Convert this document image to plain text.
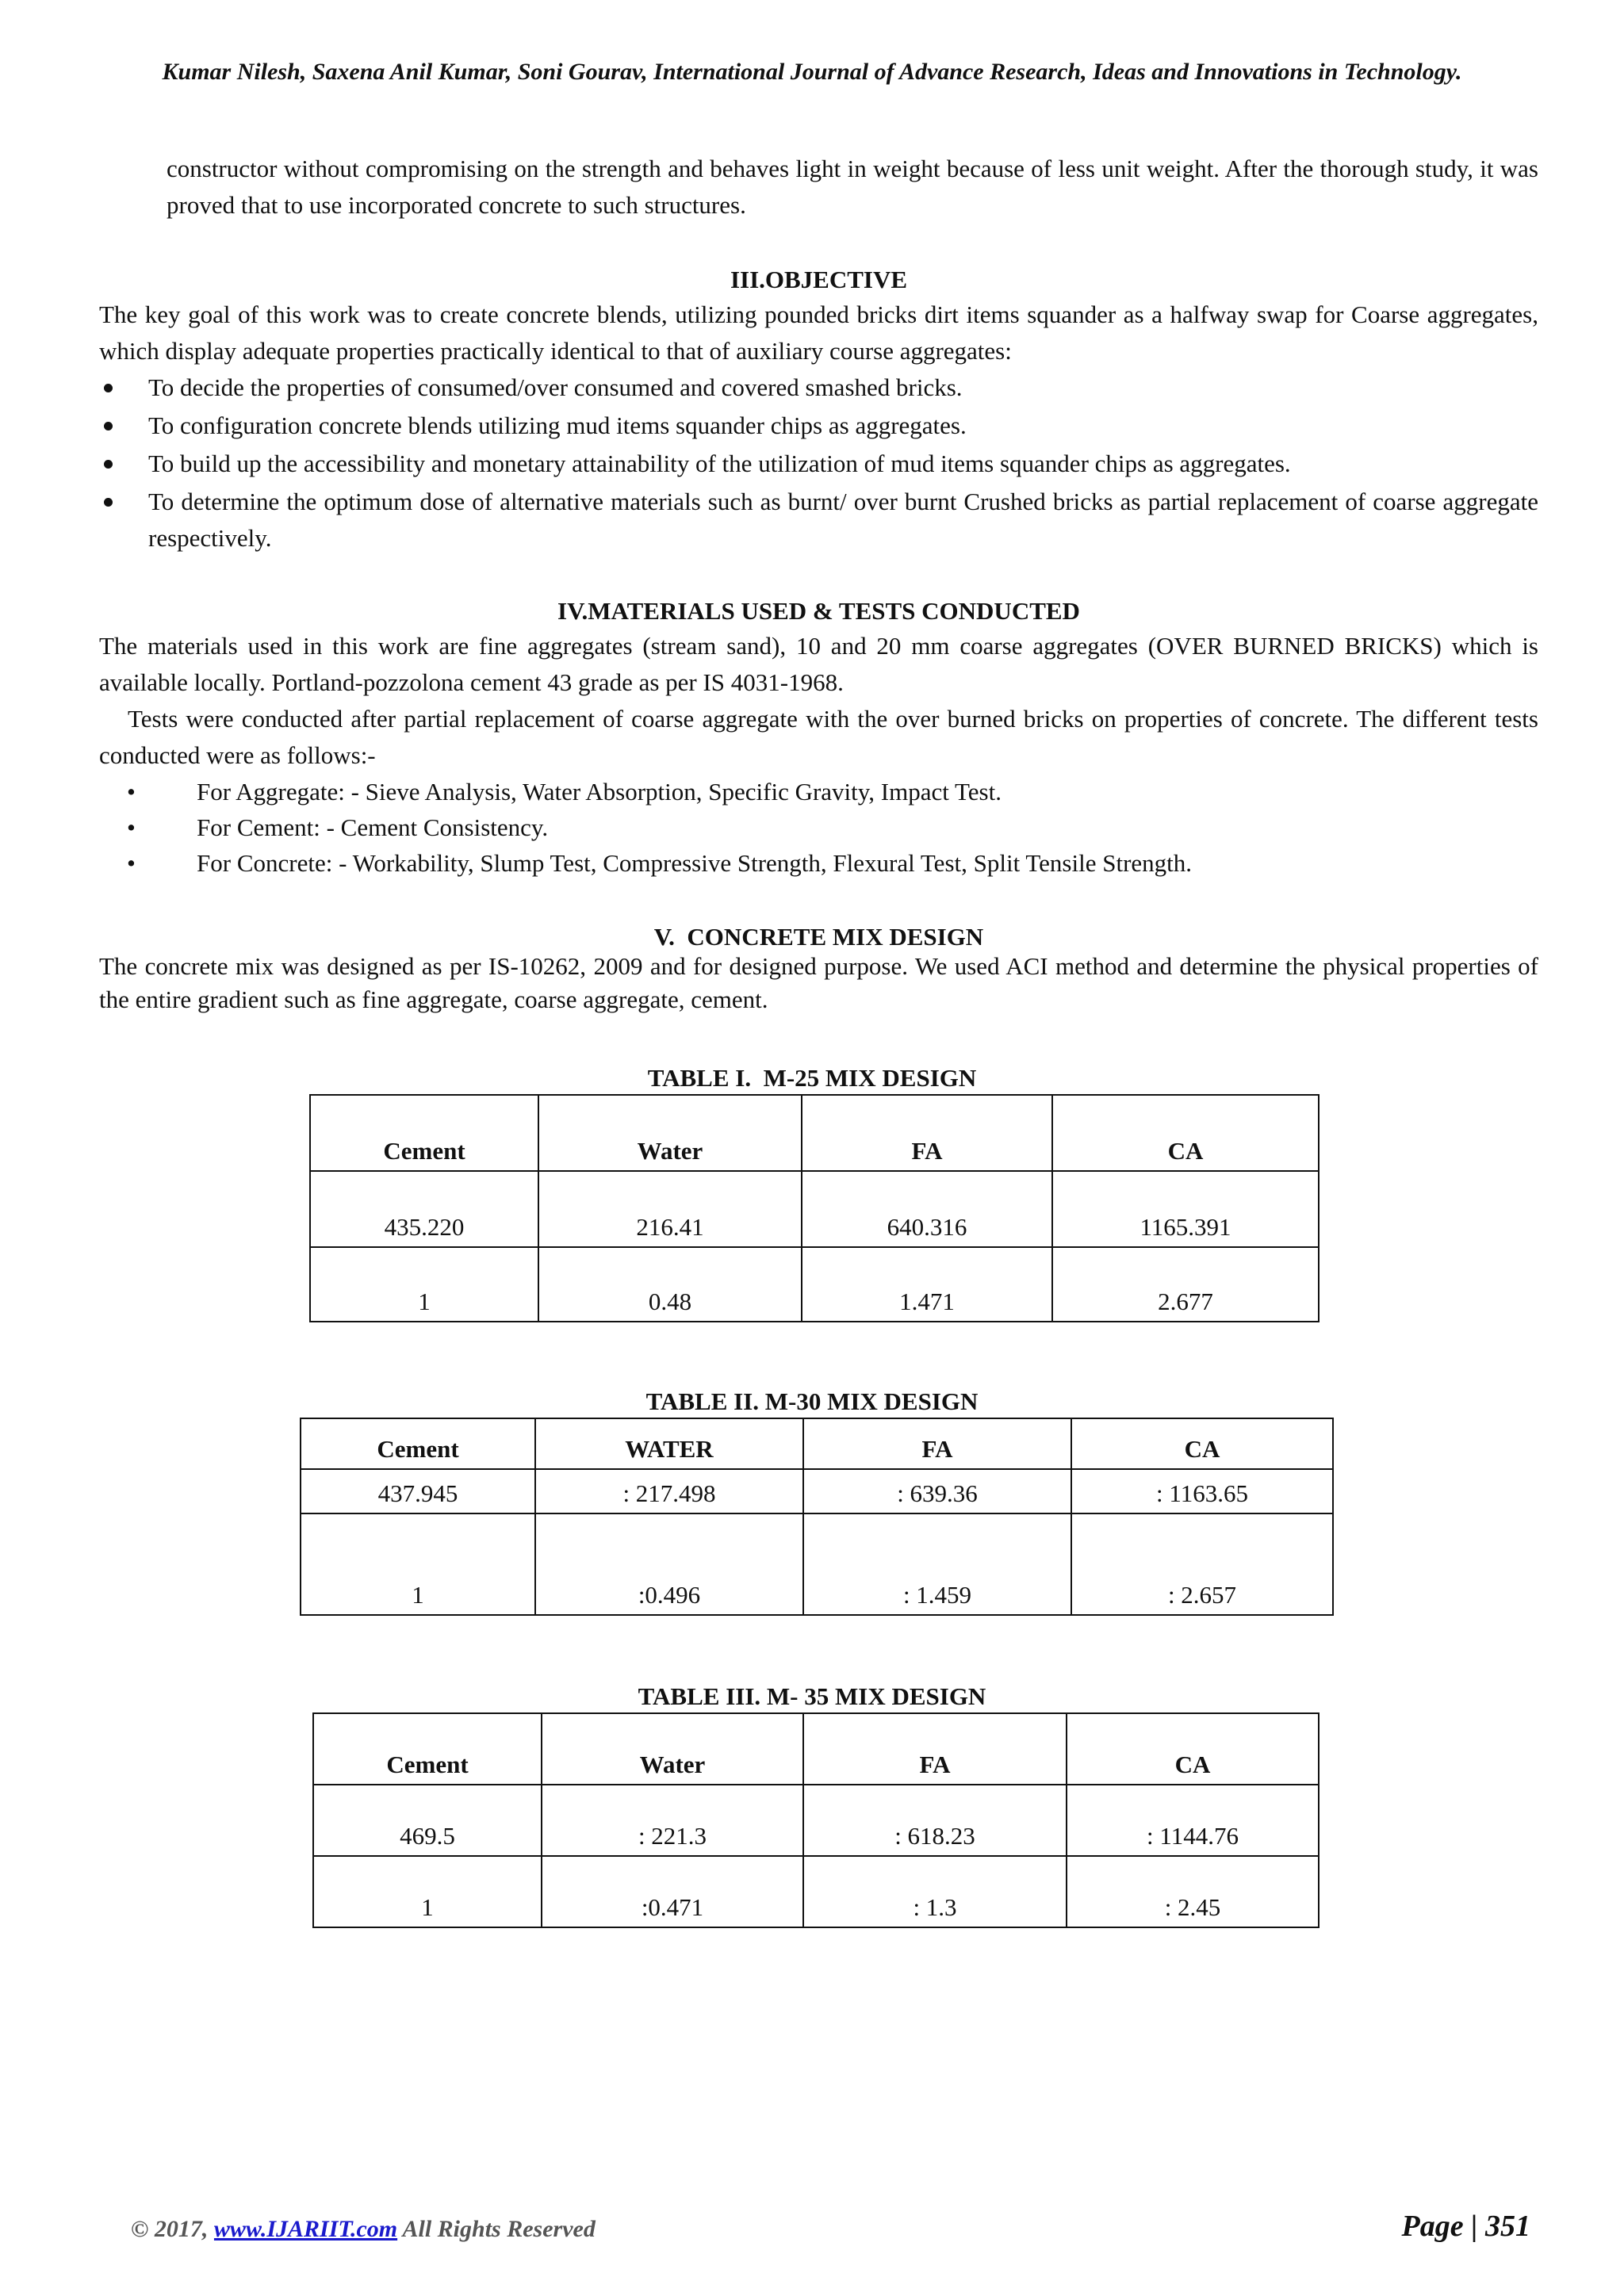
Kumar Nilesh, Saxena Anil Kumar, Soni Gourav, International Journal of Advance Research, Ideas and Innovations in Technology.
constructor without compromising on the strength and behaves light in weight because of less unit weight. After the thorough study, it was proved that to use incorporated concrete to such structures.
III.OBJECTIVE
The key goal of this work was to create concrete blends, utilizing pounded bricks dirt items squander as a halfway swap for Coarse aggregates, which display adequate properties practically identical to that of auxiliary course aggregates:
To decide the properties of consumed/over consumed and covered smashed bricks.
To configuration concrete blends utilizing mud items squander chips as aggregates.
To build up the accessibility and monetary attainability of the utilization of mud items squander chips as aggregates.
To determine the optimum dose of alternative materials such as burnt/ over burnt Crushed bricks as partial replacement of coarse aggregate respectively.
IV.MATERIALS USED & TESTS CONDUCTED
The materials used in this work are fine aggregates (stream sand), 10 and 20 mm coarse aggregates (OVER BURNED BRICKS) which is available locally. Portland-pozzolona cement 43 grade as per IS 4031-1968.
Tests were conducted after partial replacement of coarse aggregate with the over burned bricks on properties of concrete. The different tests conducted were as follows:-
• For Aggregate: - Sieve Analysis, Water Absorption, Specific Gravity, Impact Test.
• For Cement: - Cement Consistency.
• For Concrete: - Workability, Slump Test, Compressive Strength, Flexural Test, Split Tensile Strength.
V.  CONCRETE MIX DESIGN
The concrete mix was designed as per IS-10262, 2009 and for designed purpose. We used ACI method and determine the physical properties of the entire gradient such as fine aggregate, coarse aggregate, cement.
TABLE I.  M-25 MIX DESIGN
Cement	Water	FA	CA
435.220	216.41	640.316	1165.391
1	0.48	1.471	2.677
TABLE II. M-30 MIX DESIGN
Cement	WATER	FA	CA
437.945	: 217.498	: 639.36	: 1163.65
1	:0.496	: 1.459	: 2.657
TABLE III. M- 35 MIX DESIGN
Cement	Water	FA	CA
469.5	: 221.3	: 618.23	: 1144.76
1	:0.471	: 1.3	: 2.45
© 2017, www.IJARIIT.com All Rights Reserved	Page | 351
